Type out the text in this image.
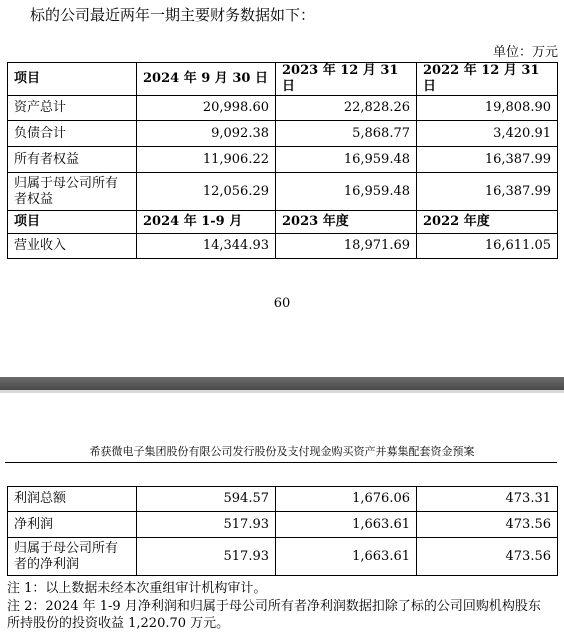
标的公司最近两年一期主要财务数据如下：
单位：万元
项目	2024 年 9 月 30 日	2023 年 12 月 31 日	2022 年 12 月 31 日
资产总计	20,998.60	22,828.26	19,808.90
负债合计	9,092.38	5,868.77	3,420.91
所有者权益	11,906.22	16,959.48	16,387.99
归属于母公司所有者权益	12,056.29	16,959.48	16,387.99
项目	2024 年 1-9 月	2023 年度	2022 年度
营业收入	14,344.93	18,971.69	16,611.05
60
希获微电子集团股份有限公司发行股份及支付现金购买资产并募集配套资金预案
利润总额	594.57	1,676.06	473.31
净利润	517.93	1,663.61	473.56
归属于母公司所有者的净利润	517.93	1,663.61	473.56
注 1：以上数据未经本次重组审计机构审计。
注 2：2024 年 1-9 月净利润和归属于母公司所有者净利润数据扣除了标的公司回购机构股东
所持股份的投资收益 1,220.70 万元。
